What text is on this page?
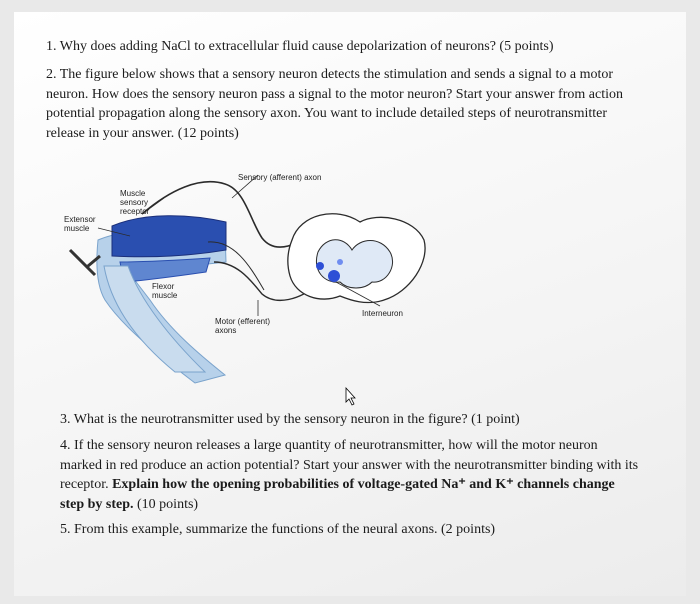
1. Why does adding NaCl to extracellular fluid cause depolarization of neurons? (5 points)
2. The figure below shows that a sensory neuron detects the stimulation and sends a signal to a motor neuron. How does the sensory neuron pass a signal to the motor neuron? Start your answer from action potential propagation along the sensory axon. You want to include detailed steps of neurotransmitter release in your answer. (12 points)
Sensory (afferent) axon
Muscle
sensory
receptor
Extensor
muscle
Flexor
muscle
Motor (efferent)
axons
Interneuron
3. What is the neurotransmitter used by the sensory neuron in the figure? (1 point)
4. If the sensory neuron releases a large quantity of neurotransmitter, how will the motor neuron marked in red produce an action potential? Start your answer with the neurotransmitter binding with its receptor. Explain how the opening probabilities of voltage-gated Na⁺ and K⁺ channels change step by step. (10 points)
5. From this example, summarize the functions of the neural axons. (2 points)
